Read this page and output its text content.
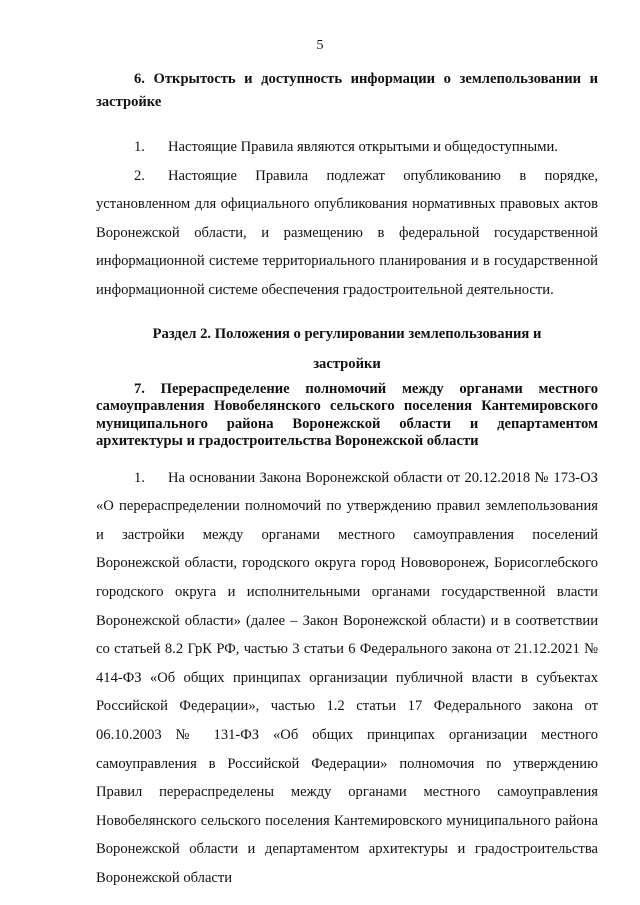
5

6. Открытость и доступность информации о землепользовании и застройке

1. Настоящие Правила являются открытыми и общедоступными.

2. Настоящие Правила подлежат опубликованию в порядке, установленном для официального опубликования нормативных правовых актов Воронежской области, и размещению в федеральной государственной информационной системе территориального планирования и в государственной информационной системе обеспечения градостроительной деятельности.

Раздел 2. Положения о регулировании землепользования и

застройки

7. Перераспределение полномочий между органами местного самоуправления Новобелянского сельского поселения Кантемировского муниципального района Воронежской области и департаментом архитектуры и градостроительства Воронежской области

1. На основании Закона Воронежской области от 20.12.2018 № 173-ОЗ «О перераспределении полномочий по утверждению правил землепользования и застройки между органами местного самоуправления поселений Воронежской области, городского округа город Нововоронеж, Борисоглебского городского округа и исполнительными органами государственной власти Воронежской области» (далее – Закон Воронежской области) и в соответствии со статьей 8.2 ГрК РФ, частью 3 статьи 6 Федерального закона от 21.12.2021 № 414-ФЗ «Об общих принципах организации публичной власти в субъектах Российской Федерации», частью 1.2 статьи 17 Федерального закона от 06.10.2003 № 131-ФЗ «Об общих принципах организации местного самоуправления в Российской Федерации» полномочия по утверждению Правил перераспределены между органами местного самоуправления Новобелянского сельского поселения Кантемировского муниципального района Воронежской области и департаментом архитектуры и градостроительства Воронежской области
